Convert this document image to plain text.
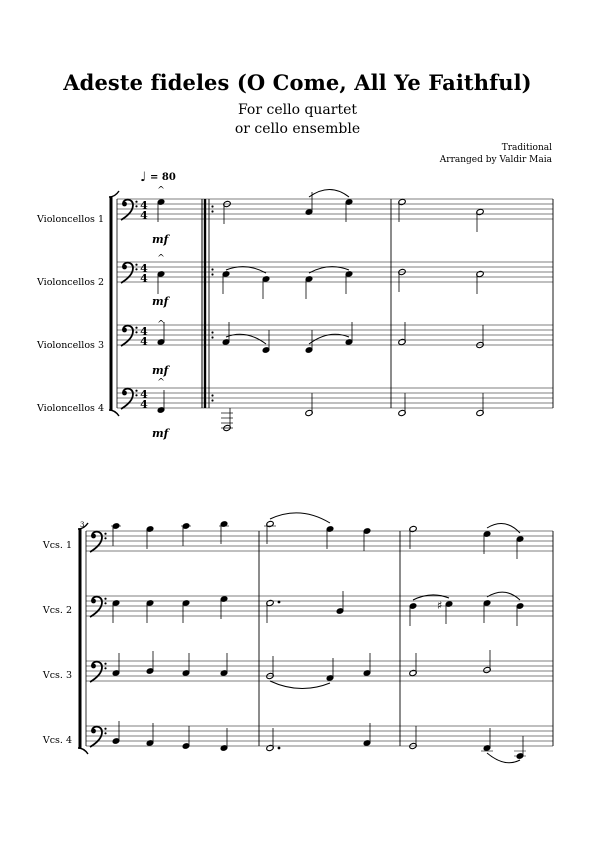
Adeste fideles (O Come, All Ye Faithful)
For cello quartet
or cello ensemble
Traditional
Arranged by Valdir Maia
♩ = 80
Violoncellos 1
Violoncellos 2
Violoncellos 3
Violoncellos 4
4
4
4
4
4
4
4
4
^
^
^
^
mf
mf
mf
mf
3
Vcs. 1
Vcs. 2
Vcs. 3
Vcs. 4
♯
